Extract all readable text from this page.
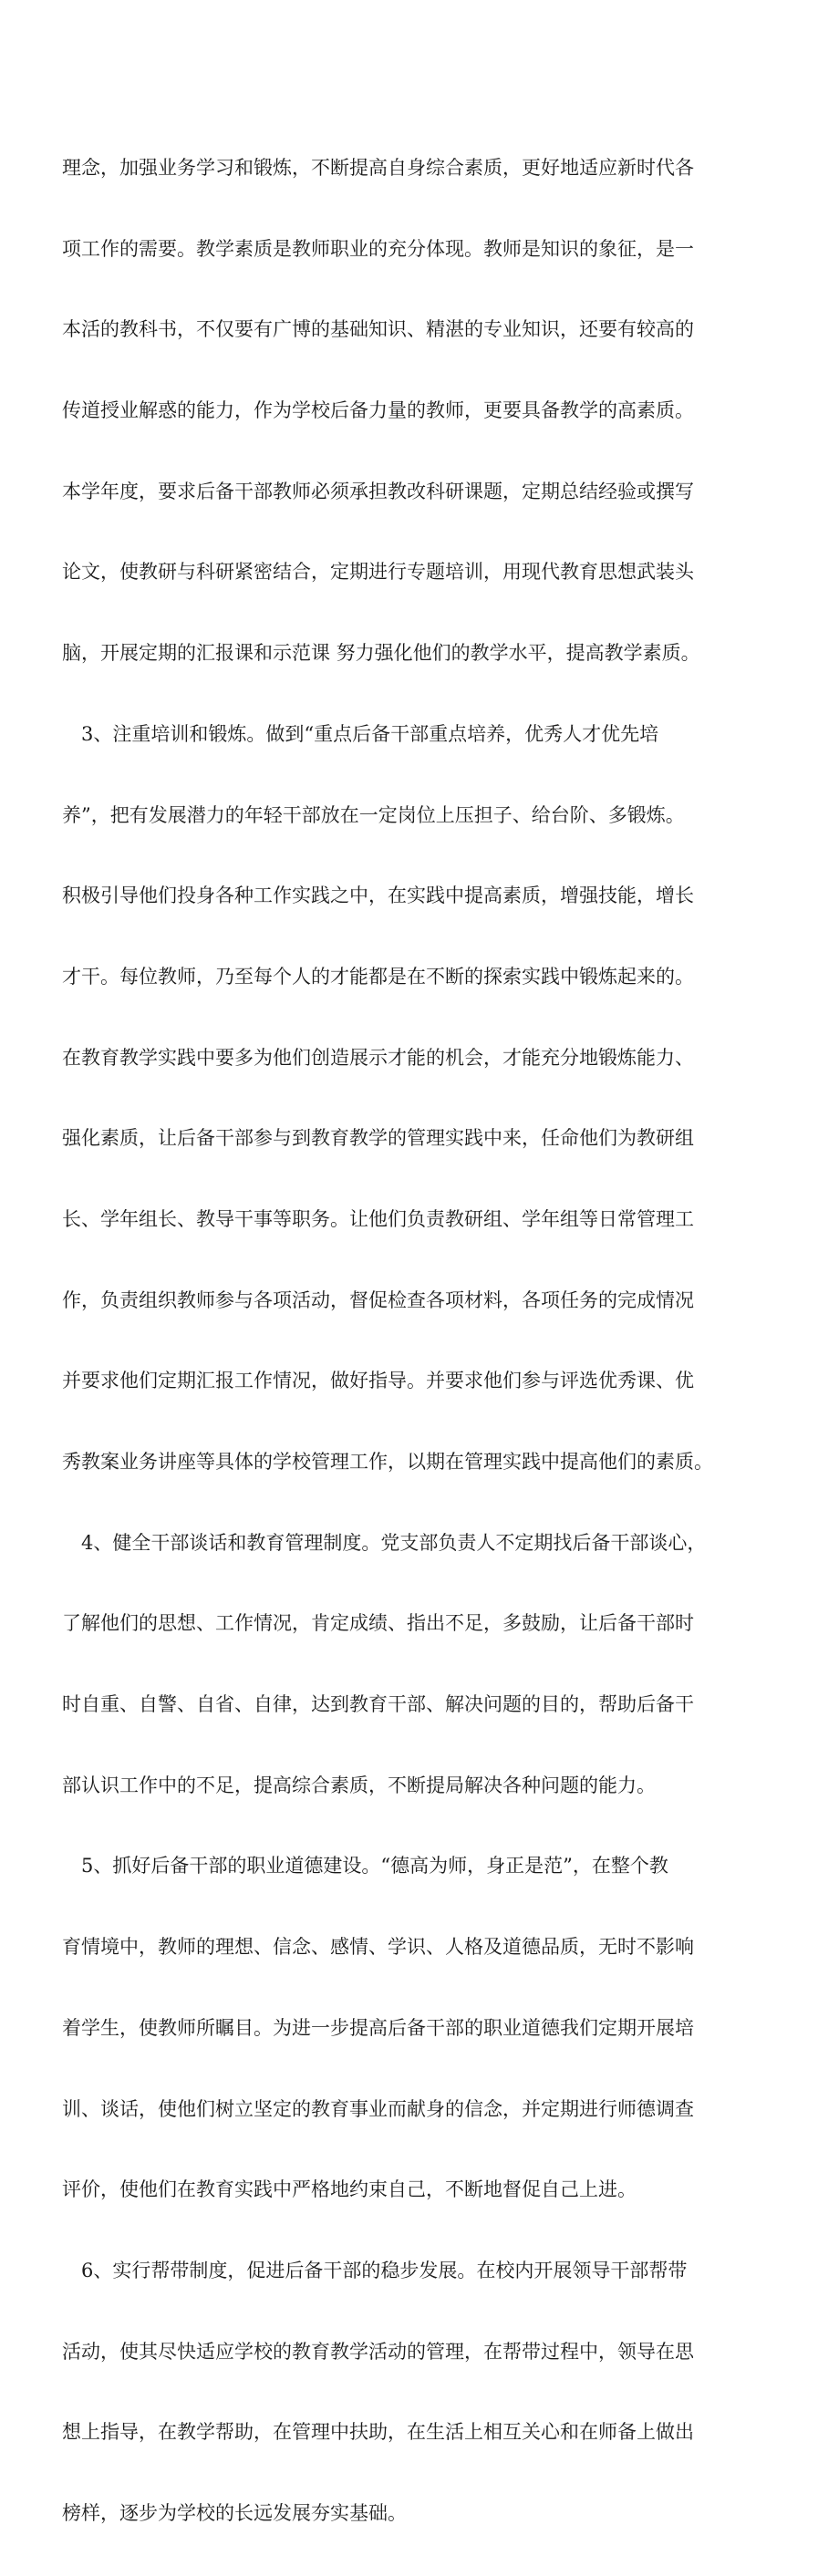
理念，加强业务学习和锻炼，不断提高自身综合素质，更好地适应新时代各

项工作的需要。教学素质是教师职业的充分体现。教师是知识的象征，是一

本活的教科书，不仅要有广博的基础知识、精湛的专业知识，还要有较高的

传道授业解惑的能力，作为学校后备力量的教师，更要具备教学的高素质。

本学年度，要求后备干部教师必须承担教改科研课题，定期总结经验或撰写

论文，使教研与科研紧密结合，定期进行专题培训，用现代教育思想武装头

脑，开展定期的汇报课和示范课 努力强化他们的教学水平，提高教学素质。

　3、注重培训和锻炼。做到“重点后备干部重点培养，优秀人才优先培

养”，把有发展潜力的年轻干部放在一定岗位上压担子、给台阶、多锻炼。

积极引导他们投身各种工作实践之中，在实践中提高素质，增强技能，增长

才干。每位教师，乃至每个人的才能都是在不断的探索实践中锻炼起来的。

在教育教学实践中要多为他们创造展示才能的机会，才能充分地锻炼能力、

强化素质，让后备干部参与到教育教学的管理实践中来，任命他们为教研组

长、学年组长、教导干事等职务。让他们负责教研组、学年组等日常管理工

作，负责组织教师参与各项活动，督促检查各项材料，各项任务的完成情况

并要求他们定期汇报工作情况，做好指导。并要求他们参与评选优秀课、优

秀教案业务讲座等具体的学校管理工作，以期在管理实践中提高他们的素质。

　4、健全干部谈话和教育管理制度。党支部负责人不定期找后备干部谈心，

了解他们的思想、工作情况，肯定成绩、指出不足，多鼓励，让后备干部时

时自重、自警、自省、自律，达到教育干部、解决问题的目的，帮助后备干

部认识工作中的不足，提高综合素质，不断提局解决各种问题的能力。

　5、抓好后备干部的职业道德建设。“德高为师，身正是范”，在整个教

育情境中，教师的理想、信念、感情、学识、人格及道德品质，无时不影响

着学生，使教师所瞩目。为进一步提高后备干部的职业道德我们定期开展培

训、谈话，使他们树立坚定的教育事业而献身的信念，并定期进行师德调查

评价，使他们在教育实践中严格地约束自己，不断地督促自己上进。

　6、实行帮带制度，促进后备干部的稳步发展。在校内开展领导干部帮带

活动，使其尽快适应学校的教育教学活动的管理，在帮带过程中，领导在思

想上指导，在教学帮助，在管理中扶助，在生活上相互关心和在师备上做出

榜样，逐步为学校的长远发展夯实基础。
